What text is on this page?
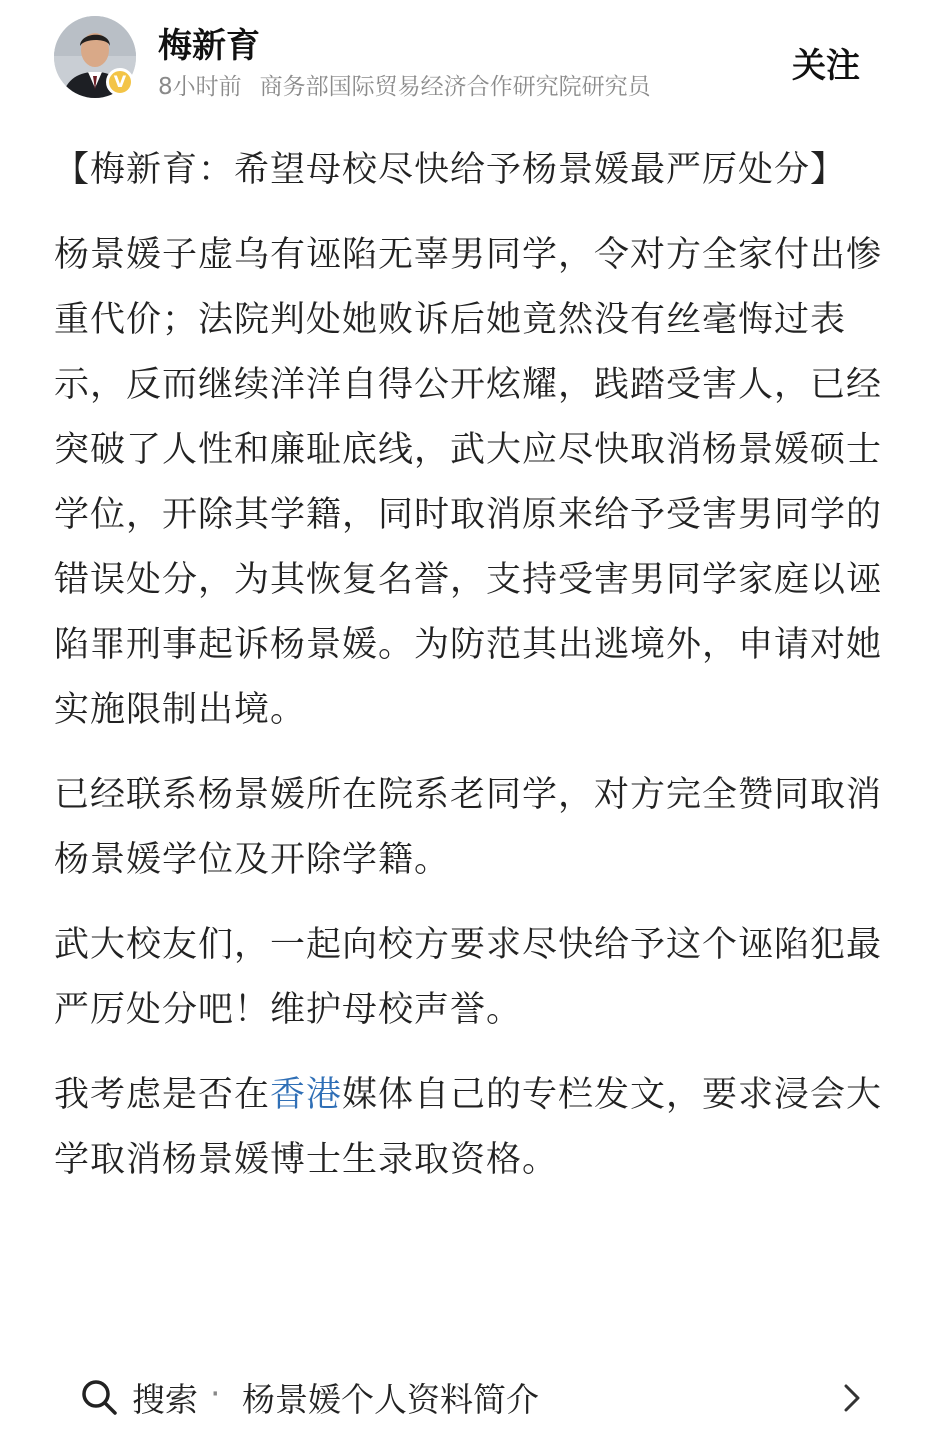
V
梅新育
8小时前 商务部国际贸易经济合作研究院研究员
关注

【梅新育：希望母校尽快给予杨景媛最严厉处分】

杨景媛子虚乌有诬陷无辜男同学，令对方全家付出惨重代价；法院判处她败诉后她竟然没有丝毫悔过表示，反而继续洋洋自得公开炫耀，践踏受害人，已经突破了人性和廉耻底线，武大应尽快取消杨景媛硕士学位，开除其学籍，同时取消原来给予受害男同学的错误处分，为其恢复名誉，支持受害男同学家庭以诬陷罪刑事起诉杨景媛。为防范其出逃境外，申请对她实施限制出境。

已经联系杨景媛所在院系老同学，对方完全赞同取消杨景媛学位及开除学籍。

武大校友们，一起向校方要求尽快给予这个诬陷犯最严厉处分吧！维护母校声誉。

我考虑是否在香港媒体自己的专栏发文，要求浸会大学取消杨景媛博士生录取资格。

搜索 · 杨景媛个人资料简介
